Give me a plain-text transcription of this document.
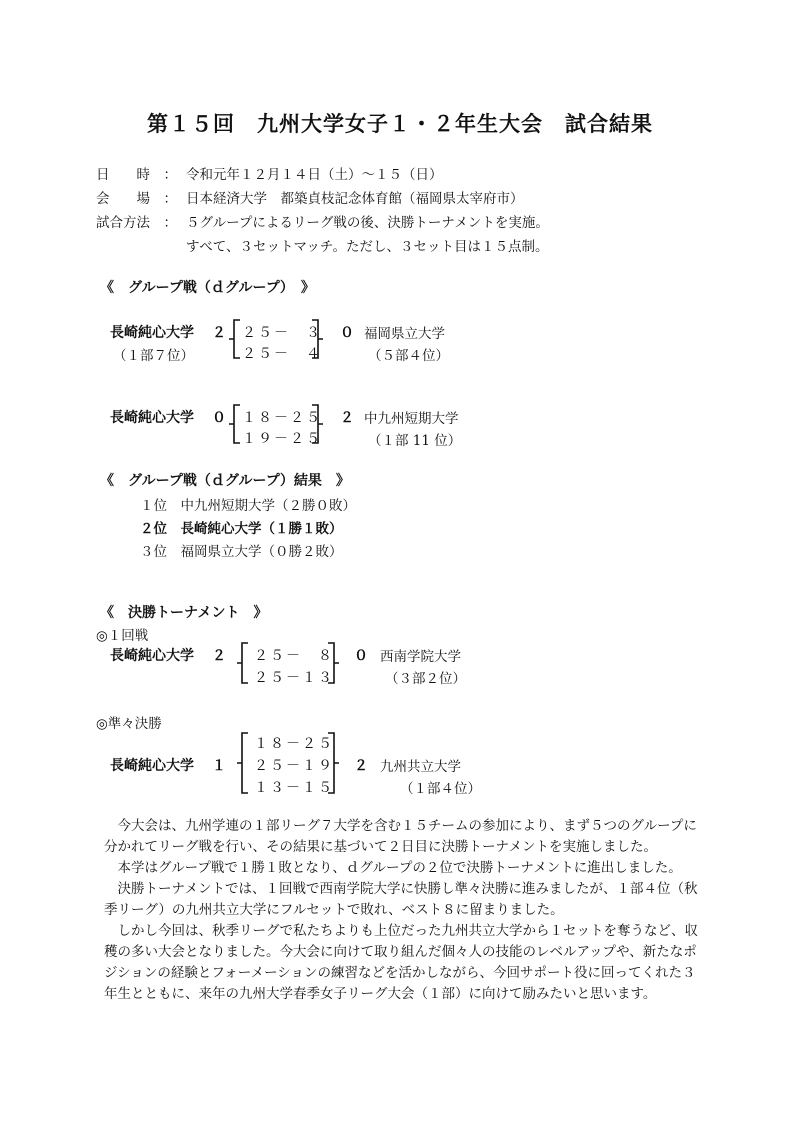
第１５回　九州大学女子１・２年生大会　試合結果
日　　時　： 令和元年１２月１４日（土）～１５（日）
会　　場　： 日本経済大学　都築貞枝記念体育館（福岡県太宰府市）
試合方法　： ５グループによるリーグ戦の後、決勝トーナメントを実施。
すべて、３セットマッチ。ただし、３セット目は１５点制。
《　グループ戦（ｄグループ）　》
長崎純心大学 ２
（１部７位）
２５－　３
２５－　４
０ 福岡県立大学
（５部４位）
長崎純心大学 ０ １８－２５
１９－２５
２ 中九州短期大学
（１部 11 位）
《　グループ戦（ｄグループ）結果　》
１位　中九州短期大学（２勝０敗）
２位　長崎純心大学（１勝１敗）
３位　福岡県立大学（０勝２敗）
《　決勝トーナメント　》
◎１回戦
長崎純心大学 ２ ２５－　８
２５－１３
０ 西南学院大学
（３部２位）
◎準々決勝
長崎純心大学 １
１８－２５
２５－１９
１３－１５
２ 九州共立大学
（１部４位）

今大会は、九州学連の１部リーグ７大学を含む１５チームの参加により、まず５つのグループに分かれてリーグ戦を行い、その結果に基づいて２日目に決勝トーナメントを実施しました。

本学はグループ戦で１勝１敗となり、ｄグループの２位で決勝トーナメントに進出しました。

決勝トーナメントでは、１回戦で西南学院大学に快勝し準々決勝に進みましたが、１部４位（秋季リーグ）の九州共立大学にフルセットで敗れ、ベスト８に留まりました。

しかし今回は、秋季リーグで私たちよりも上位だった九州共立大学から１セットを奪うなど、収穫の多い大会となりました。今大会に向けて取り組んだ個々人の技能のレベルアップや、新たなポジションの経験とフォーメーションの練習などを活かしながら、今回サポート役に回ってくれた３年生とともに、来年の九州大学春季女子リーグ大会（１部）に向けて励みたいと思います。
